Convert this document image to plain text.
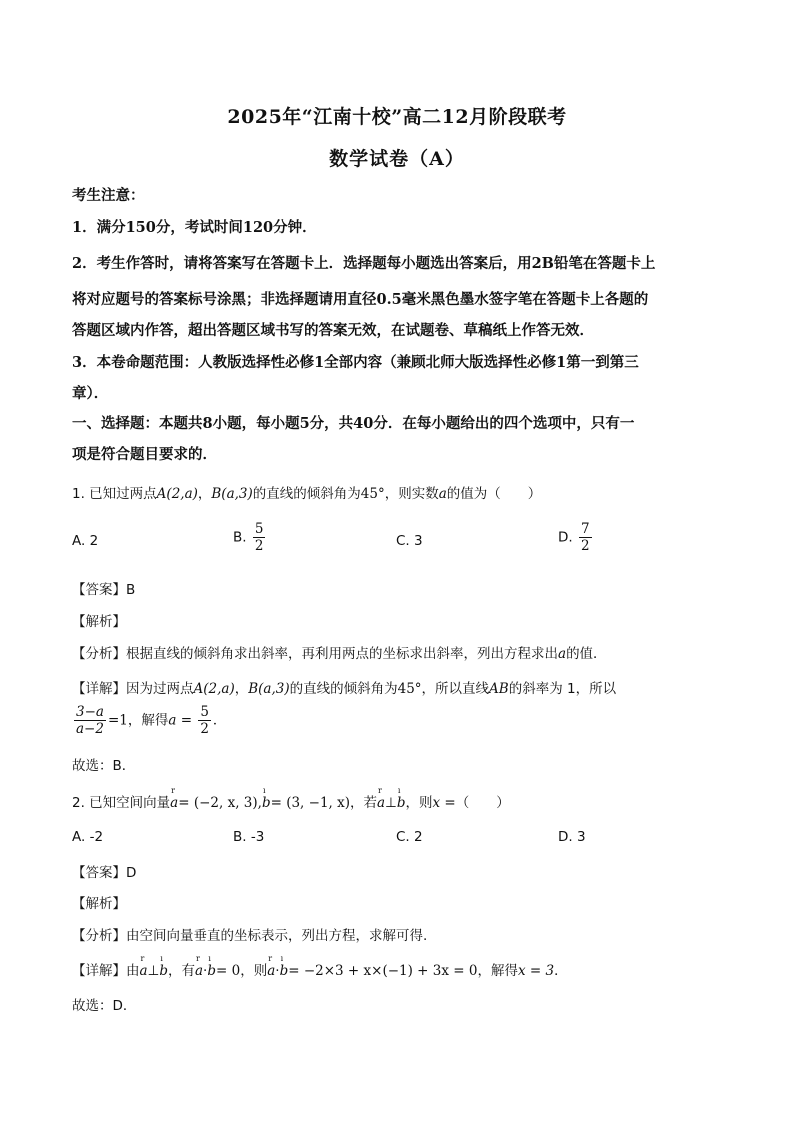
2025年“江南十校”高二12月阶段联考
数学试卷（A）
考生注意：
1．满分150分，考试时间120分钟．
2．考生作答时，请将答案写在答题卡上．选择题每小题选出答案后，用2B铅笔在答题卡上
将对应题号的答案标号涂黑；非选择题请用直径0.5毫米黑色墨水签字笔在答题卡上各题的
答题区域内作答，超出答题区域书写的答案无效，在试题卷、草稿纸上作答无效．
3．本卷命题范围：人教版选择性必修1全部内容（兼顾北师大版选择性必修1第一到第三
章）．
一、选择题：本题共8小题，每小题5分，共40分．在每小题给出的四个选项中，只有一
项是符合题目要求的．
1. 已知过两点A(2,a)，B(a,3)的直线的倾斜角为45°，则实数a的值为（　　）
A. 2	B. $\frac{5}{2}$	C. 3	D. $\frac{7}{2}$
【答案】B
【解析】
【分析】根据直线的倾斜角求出斜率，再利用两点的坐标求出斜率，列出方程求出a的值．
【详解】因为过两点A(2,a)，B(a,3)的直线的倾斜角为45°，所以直线AB的斜率为 1，所以
$\frac{3-a}{a-2} =1$，解得$a = \frac{5}{2}$ ．
故选：B．
2. 已知空间向量
r
a= (−2, x, 3),
ı
b= (3, −1, x)，若
r
a⊥
ı
b，则x =（　　）
A. -2	B. -3	C. 2	D. 3
【答案】D
【解析】
【分析】由空间向量垂直的坐标表示，列出方程，求解可得.
【详解】由
r
a⊥
ı
b，有
r
a·
ı
b= 0，则
r
a·
ı
b= −2×3 + x×(−1) + 3x = 0，解得x = 3．
故选：D．
